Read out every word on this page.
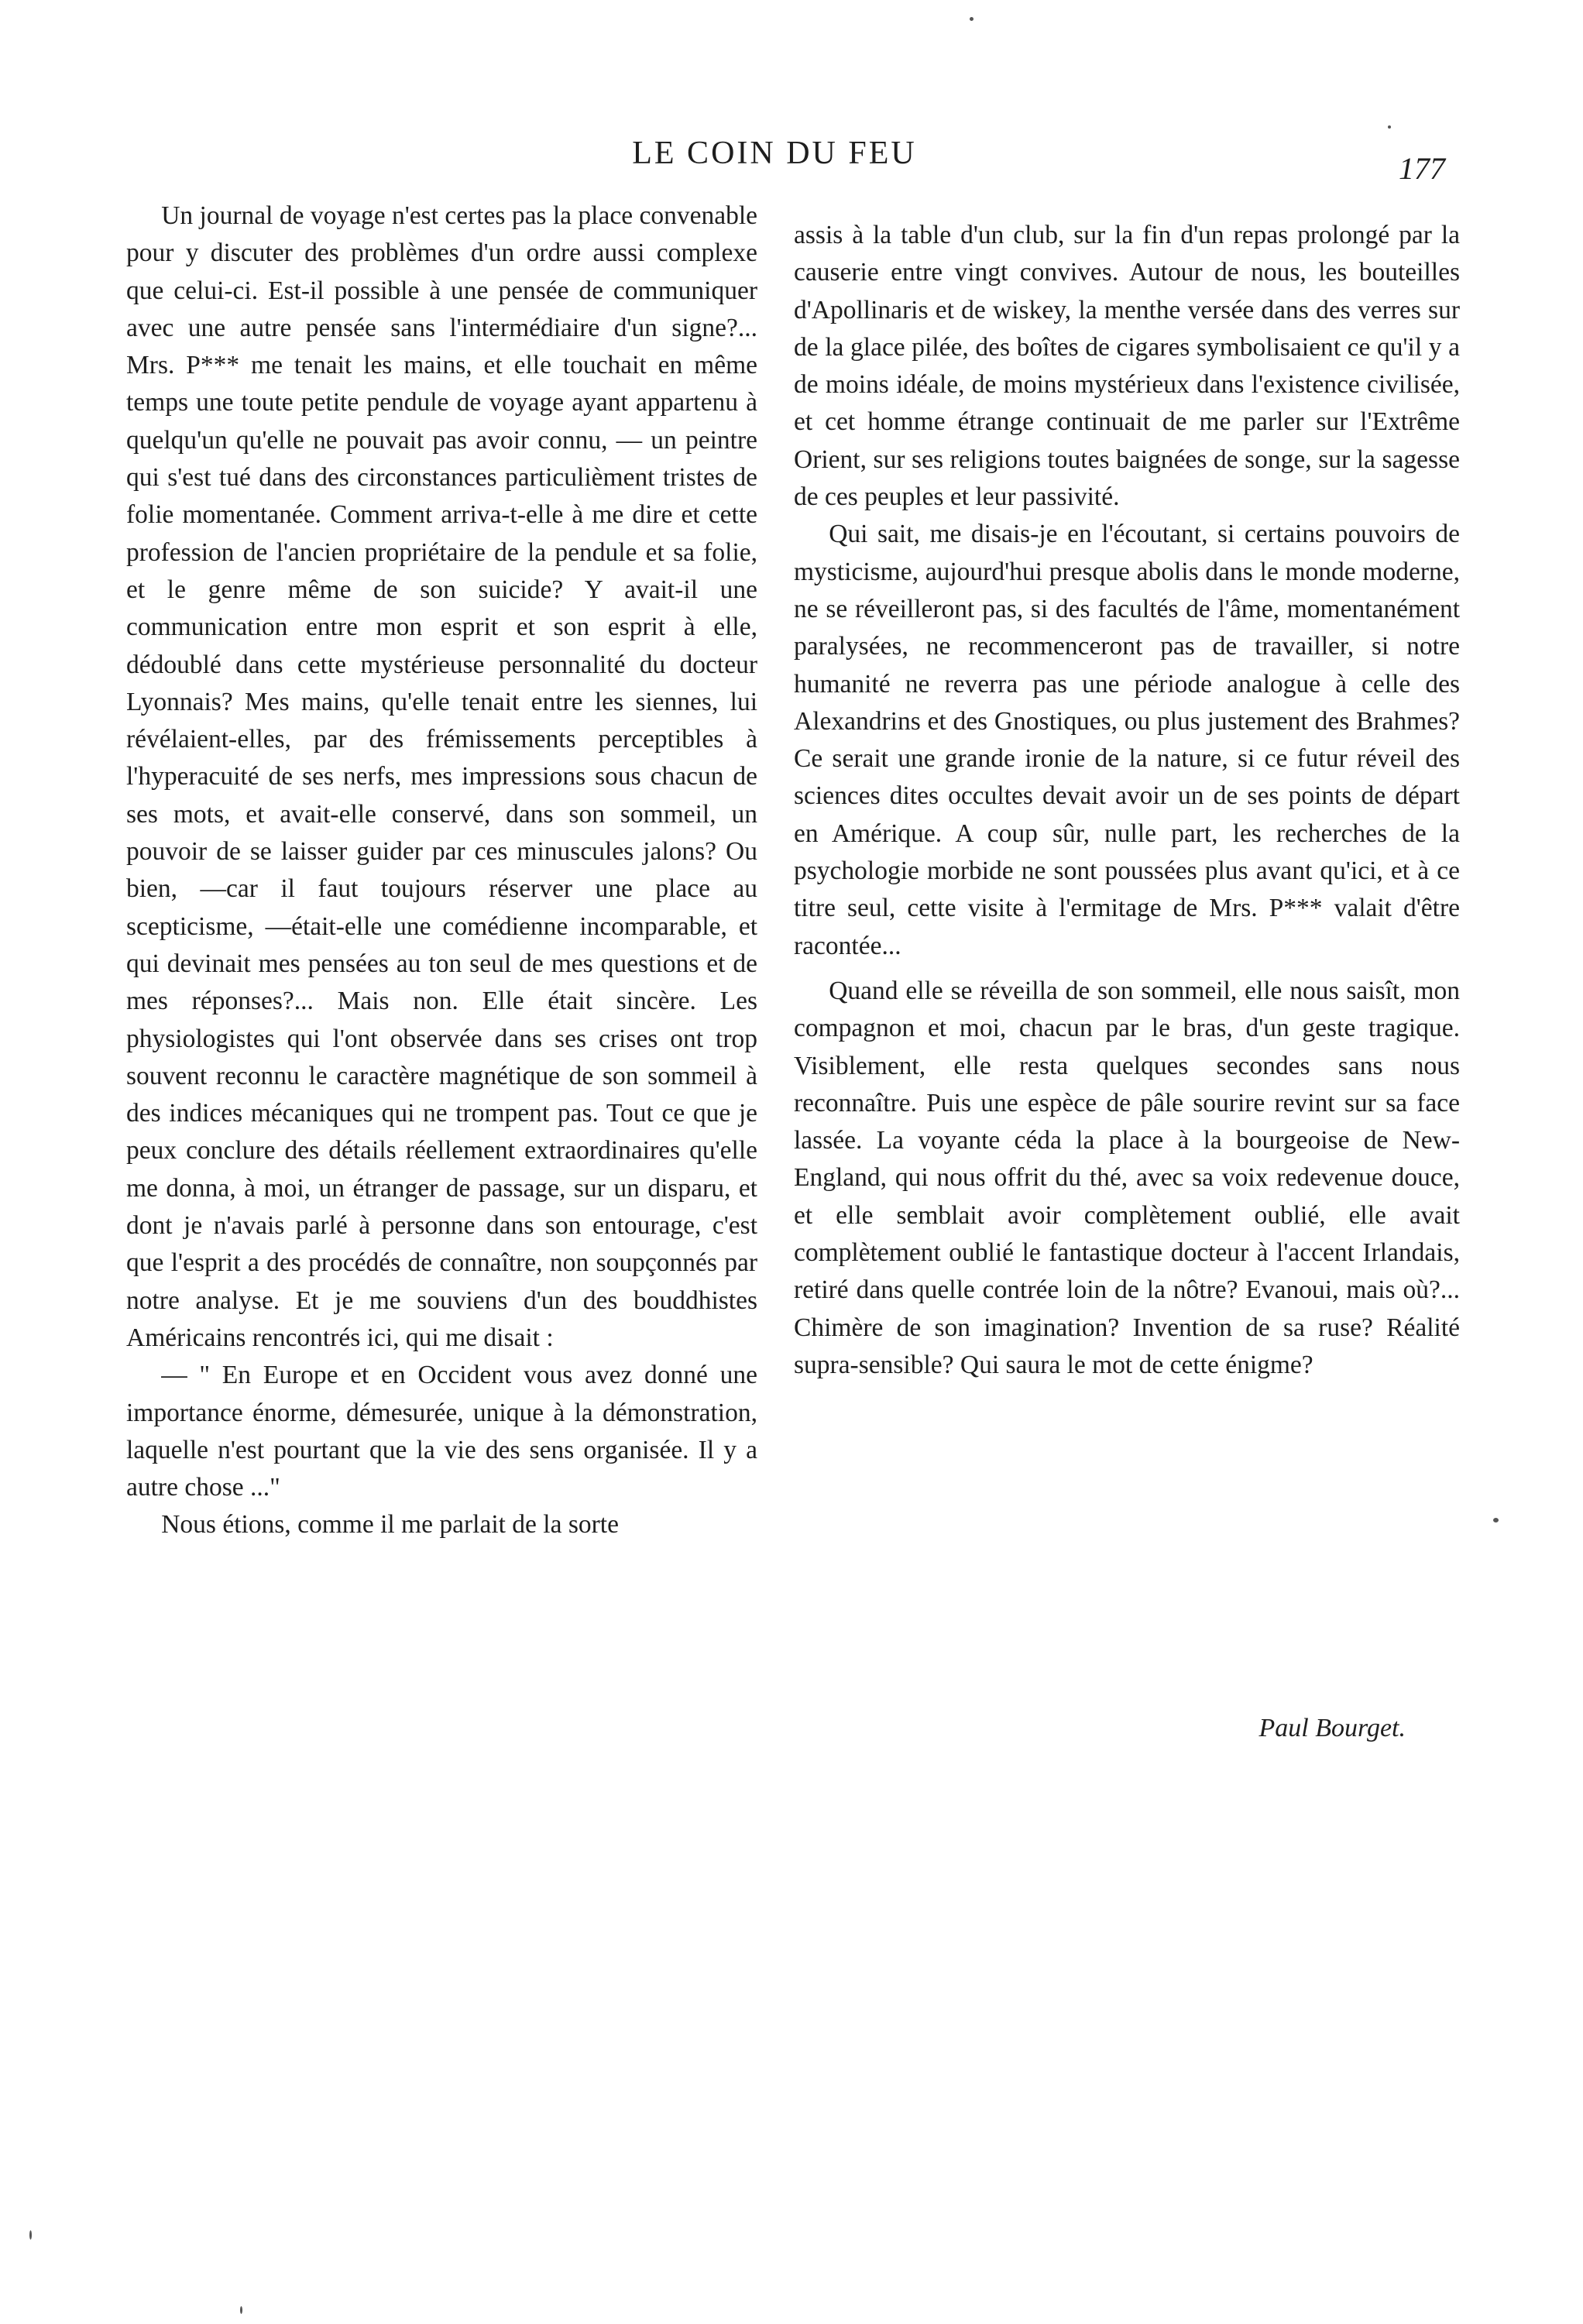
LE COIN DU FEU	177

Un journal de voyage n'est certes pas la place convenable pour y discuter des problèmes d'un ordre aussi complexe que celui-ci. Est-il possible à une pensée de communiquer avec une autre pensée sans l'intermédiaire d'un signe?... Mrs. P*** me tenait les mains, et elle touchait en même temps une toute petite pendule de voyage ayant appartenu à quelqu'un qu'elle ne pouvait pas avoir connu, — un peintre qui s'est tué dans des circonstances particulièment tristes de folie momentanée. Comment arriva-t-elle à me dire et cette profession de l'ancien propriétaire de la pendule et sa folie, et le genre même de son suicide? Y avait-il une communication entre mon esprit et son esprit à elle, dédoublé dans cette mystérieuse personnalité du docteur Lyonnais? Mes mains, qu'elle tenait entre les siennes, lui révélaient-elles, par des frémissements perceptibles à l'hyperacuité de ses nerfs, mes impressions sous chacun de ses mots, et avait-elle conservé, dans son sommeil, un pouvoir de se laisser guider par ces minuscules jalons? Ou bien, —car il faut toujours réserver une place au scepticisme, —était-elle une comédienne incomparable, et qui devinait mes pensées au ton seul de mes questions et de mes réponses?... Mais non. Elle était sincère. Les physiologistes qui l'ont observée dans ses crises ont trop souvent reconnu le caractère magnétique de son sommeil à des indices mécaniques qui ne trompent pas. Tout ce que je peux conclure des détails réellement extraordinaires qu'elle me donna, à moi, un étranger de passage, sur un disparu, et dont je n'avais parlé à personne dans son entourage, c'est que l'esprit a des procédés de connaître, non soupçonnés par notre analyse. Et je me souviens d'un des bouddhistes Américains rencontrés ici, qui me disait :

— " En Europe et en Occident vous avez donné une importance énorme, démesurée, unique à la démonstration, laquelle n'est pourtant que la vie des sens organisée. Il y a autre chose ..."

Nous étions, comme il me parlait de la sorte

assis à la table d'un club, sur la fin d'un repas prolongé par la causerie entre vingt convives. Autour de nous, les bouteilles d'Apollinaris et de wiskey, la menthe versée dans des verres sur de la glace pilée, des boîtes de cigares symbolisaient ce qu'il y a de moins idéale, de moins mystérieux dans l'existence civilisée, et cet homme étrange continuait de me parler sur l'Extrême Orient, sur ses religions toutes baignées de songe, sur la sagesse de ces peuples et leur passivité.

Qui sait, me disais-je en l'écoutant, si certains pouvoirs de mysticisme, aujourd'hui presque abolis dans le monde moderne, ne se réveilleront pas, si des facultés de l'âme, momentanément paralysées, ne recommenceront pas de travailler, si notre humanité ne reverra pas une période analogue à celle des Alexandrins et des Gnostiques, ou plus justement des Brahmes? Ce serait une grande ironie de la nature, si ce futur réveil des sciences dites occultes devait avoir un de ses points de départ en Amérique. A coup sûr, nulle part, les recherches de la psychologie morbide ne sont poussées plus avant qu'ici, et à ce titre seul, cette visite à l'ermitage de Mrs. P*** valait d'être racontée...

Quand elle se réveilla de son sommeil, elle nous saisît, mon compagnon et moi, chacun par le bras, d'un geste tragique. Visiblement, elle resta quelques secondes sans nous reconnaître. Puis une espèce de pâle sourire revint sur sa face lassée. La voyante céda la place à la bourgeoise de New-England, qui nous offrit du thé, avec sa voix redevenue douce, et elle semblait avoir complètement oublié, elle avait complètement oublié le fantastique docteur à l'accent Irlandais, retiré dans quelle contrée loin de la nôtre? Evanoui, mais où?... Chimère de son imagination? Invention de sa ruse? Réalité supra-sensible? Qui saura le mot de cette énigme?

Paul Bourget.
